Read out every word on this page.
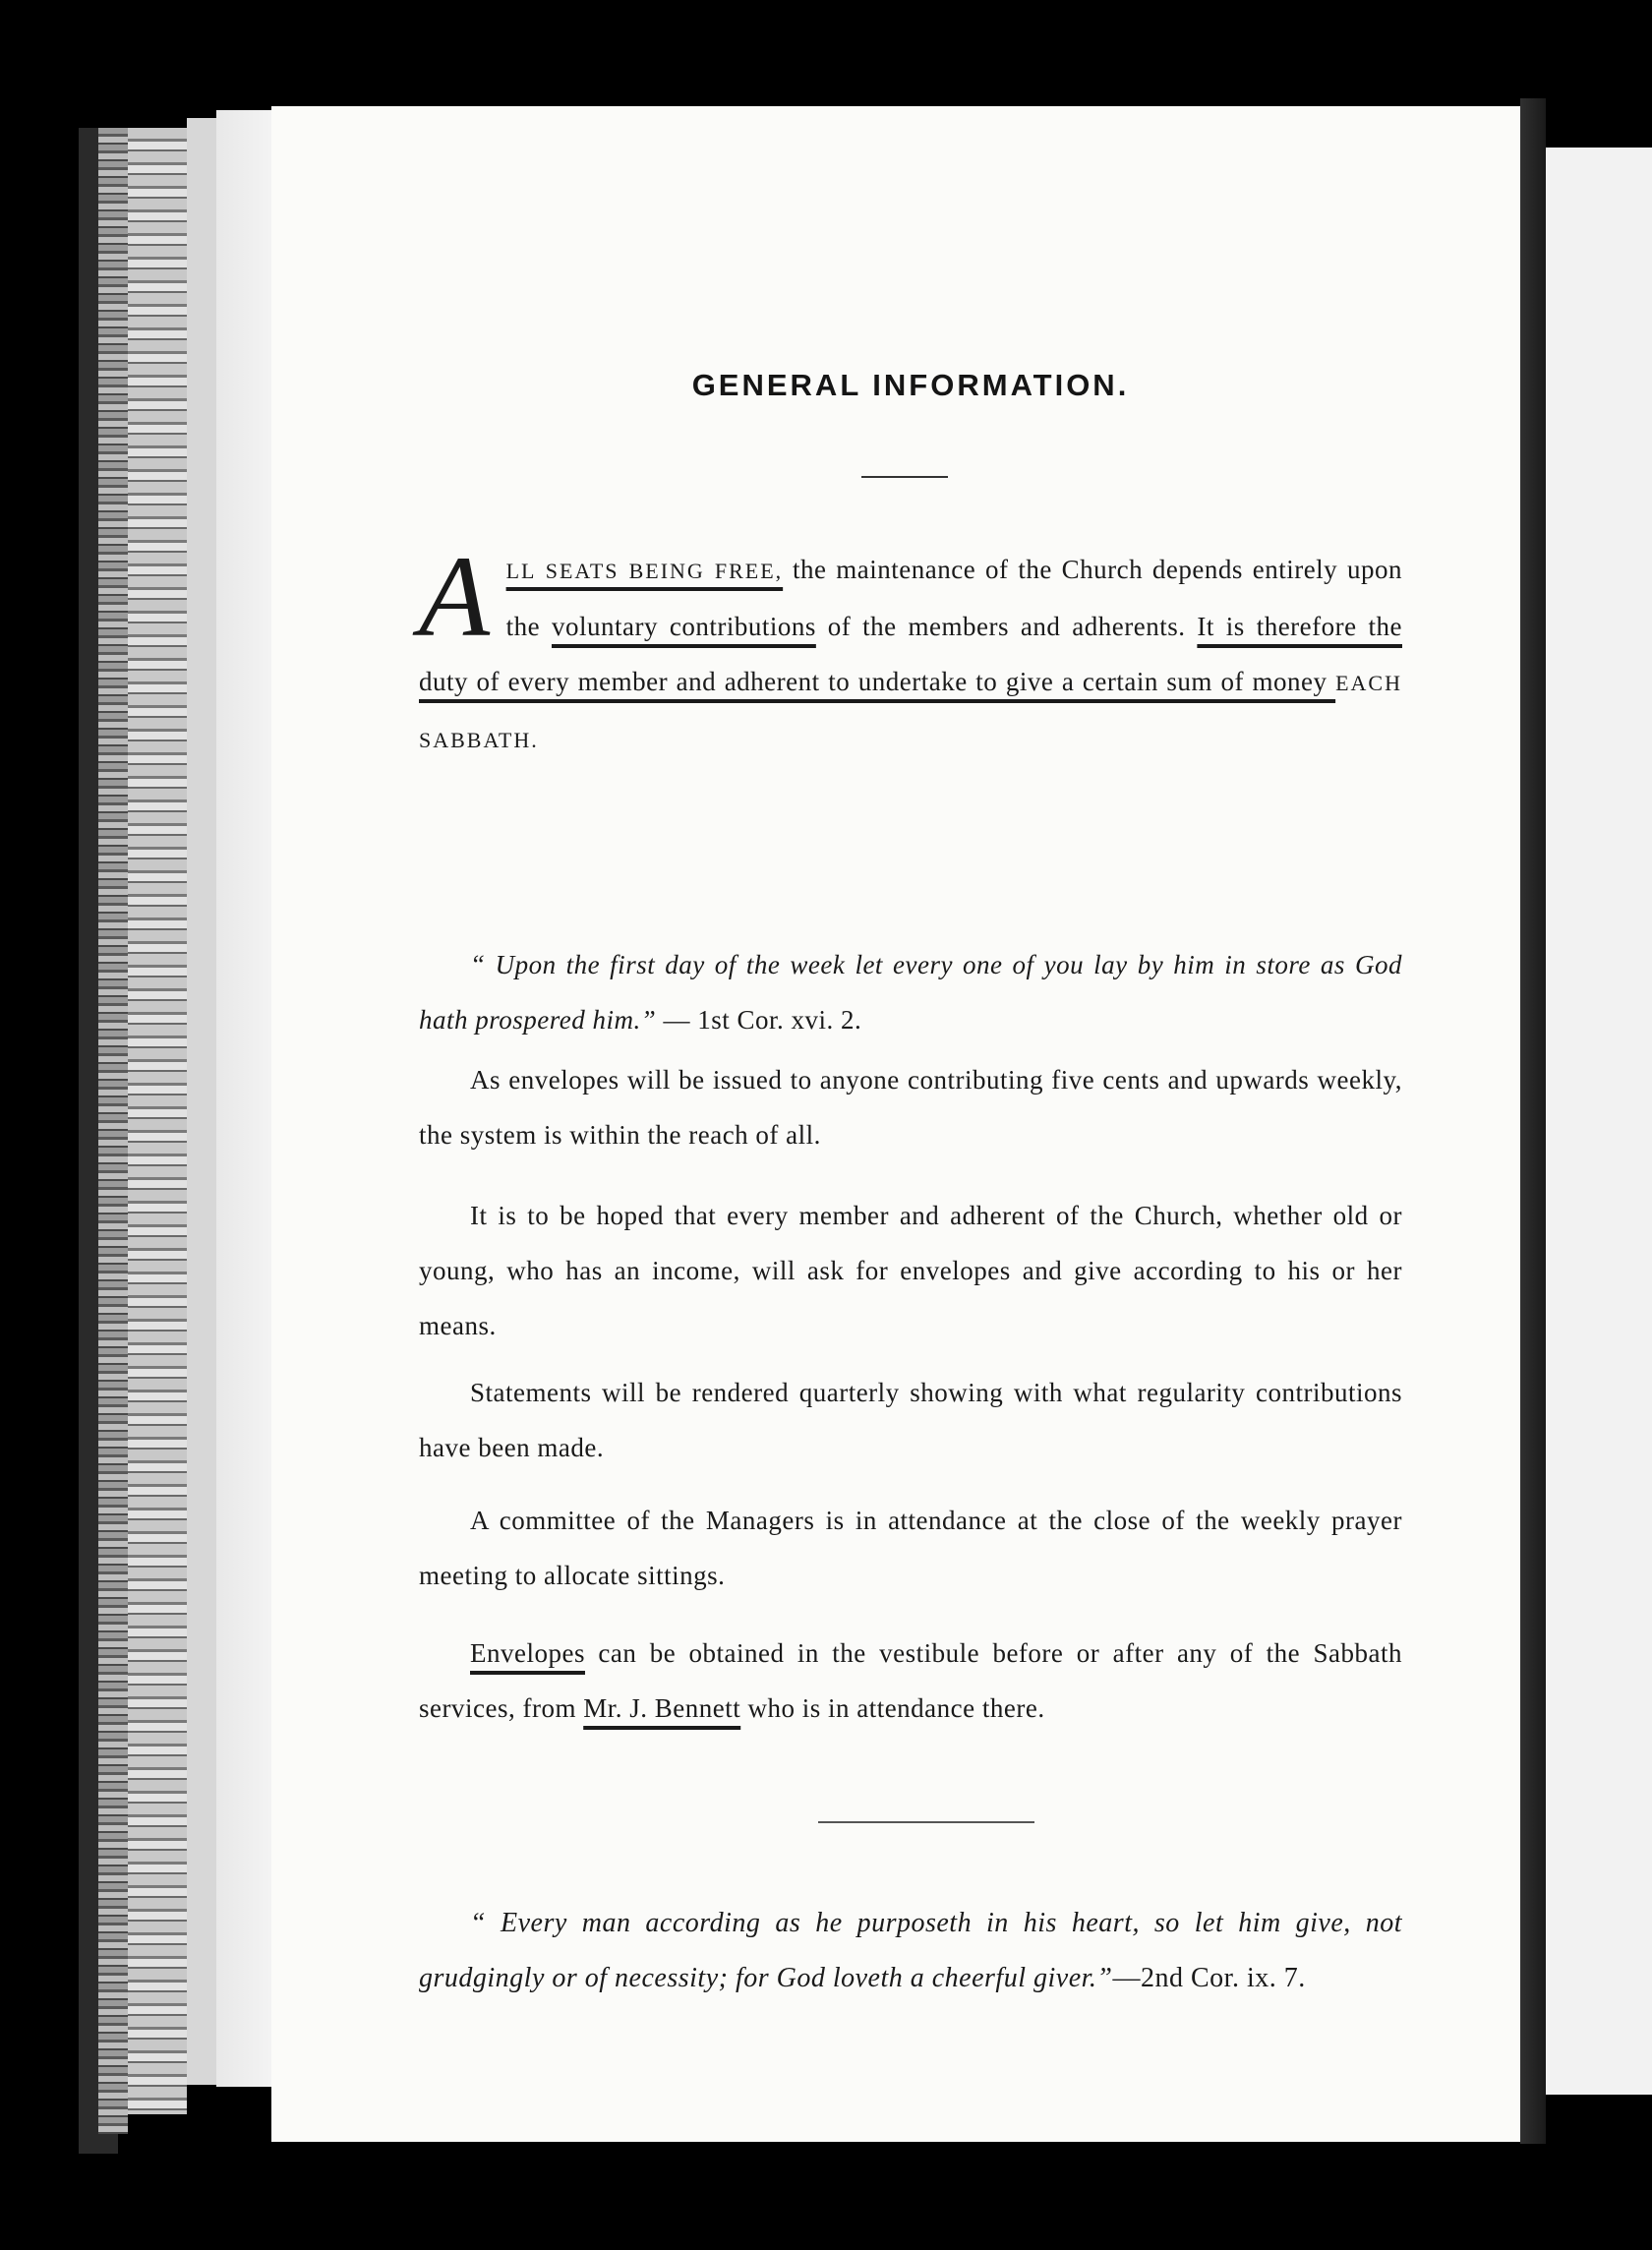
GENERAL INFORMATION.
ALL SEATS BEING FREE, the maintenance of the Church depends entirely upon the voluntary contributions of the members and adherents. It is therefore the duty of every member and adherent to undertake to give a certain sum of money EACH SABBATH.
“ Upon the first day of the week let every one of you lay by him in store as God hath prospered him.” — 1st Cor. xvi. 2.
As envelopes will be issued to anyone contributing five cents and upwards weekly, the system is within the reach of all.
It is to be hoped that every member and adherent of the Church, whether old or young, who has an income, will ask for envelopes and give according to his or her means.
Statements will be rendered quarterly showing with what regularity contributions have been made.
A committee of the Managers is in attendance at the close of the weekly prayer meeting to allocate sittings.
Envelopes can be obtained in the vestibule before or after any of the Sabbath services, from Mr. J. Bennett who is in attendance there.
“ Every man according as he purposeth in his heart, so let him give, not grudgingly or of necessity; for God loveth a cheerful giver.”—2nd Cor. ix. 7.
